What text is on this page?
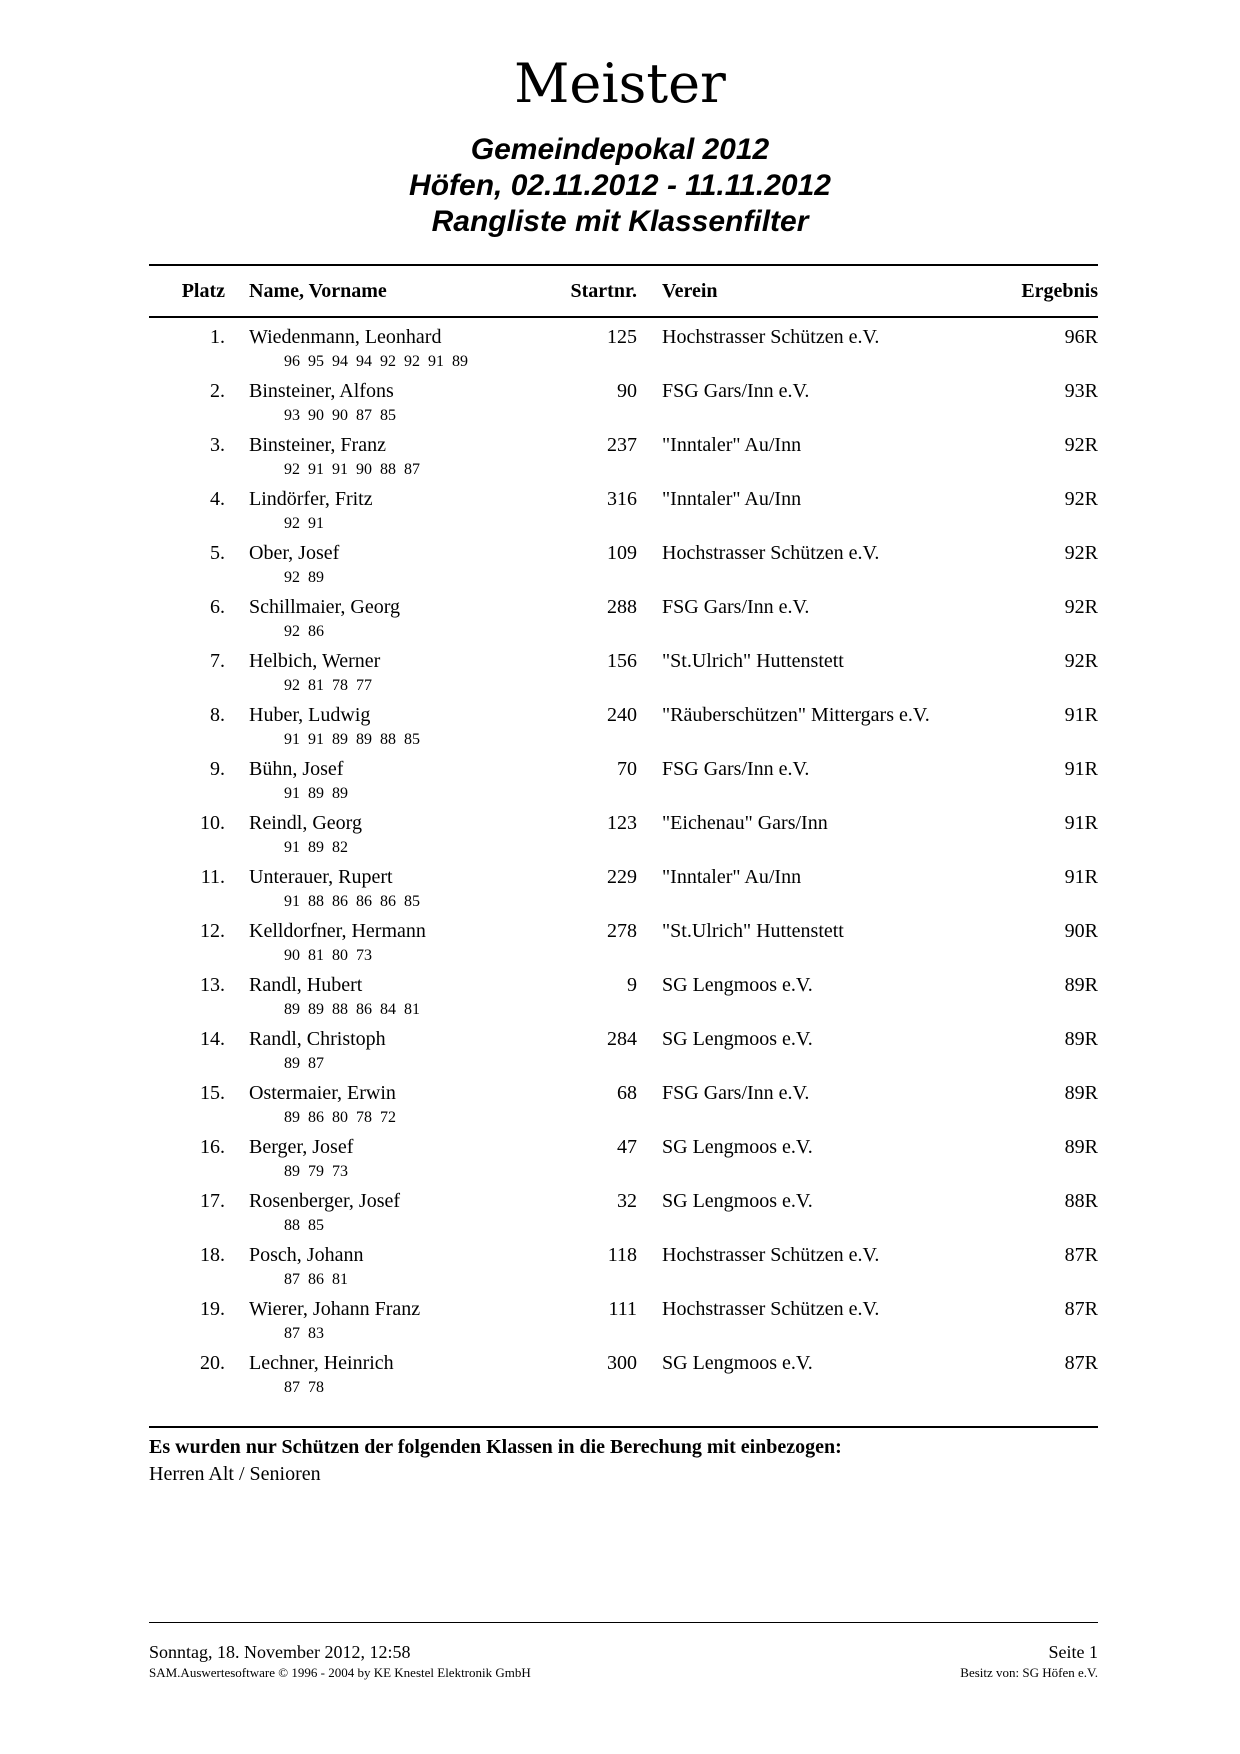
Meister
Gemeindepokal 2012
Höfen, 02.11.2012 - 11.11.2012
Rangliste mit Klassenfilter
Platz Name, Vorname	Startnr. Verein	Ergebnis
1. Wiedenmann, Leonhard	125 Hochstrasser Schützen e.V.	96R
96 95 94 94 92 92 91 89
2. Binsteiner, Alfons	90 FSG Gars/Inn e.V.	93R
93 90 90 87 85
3. Binsteiner, Franz	237 "Inntaler" Au/Inn	92R
92 91 91 90 88 87
4. Lindörfer, Fritz	316 "Inntaler" Au/Inn	92R
92 91
5. Ober, Josef	109 Hochstrasser Schützen e.V.	92R
92 89
6. Schillmaier, Georg	288 FSG Gars/Inn e.V.	92R
92 86
7. Helbich, Werner	156 "St.Ulrich" Huttenstett	92R
92 81 78 77
8. Huber, Ludwig	240 "Räuberschützen" Mittergars e.V.	91R
91 91 89 89 88 85
9. Bühn, Josef	70 FSG Gars/Inn e.V.	91R
91 89 89
10. Reindl, Georg	123 "Eichenau" Gars/Inn	91R
91 89 82
11. Unterauer, Rupert	229 "Inntaler" Au/Inn	91R
91 88 86 86 86 85
12. Kelldorfner, Hermann	278 "St.Ulrich" Huttenstett	90R
90 81 80 73
13. Randl, Hubert	9 SG Lengmoos e.V.	89R
89 89 88 86 84 81
14. Randl, Christoph	284 SG Lengmoos e.V.	89R
89 87
15. Ostermaier, Erwin	68 FSG Gars/Inn e.V.	89R
89 86 80 78 72
16. Berger, Josef	47 SG Lengmoos e.V.	89R
89 79 73
17. Rosenberger, Josef	32 SG Lengmoos e.V.	88R
88 85
18. Posch, Johann	118 Hochstrasser Schützen e.V.	87R
87 86 81
19. Wierer, Johann Franz	111 Hochstrasser Schützen e.V.	87R
87 83
20. Lechner, Heinrich	300 SG Lengmoos e.V.	87R
87 78
Es wurden nur Schützen der folgenden Klassen in die Berechung mit einbezogen:
Herren Alt / Senioren
Sonntag, 18. November 2012, 12:58	Seite 1
SAM.Auswertesoftware © 1996 - 2004 by KE Knestel Elektronik GmbH	Besitz von: SG Höfen e.V.
